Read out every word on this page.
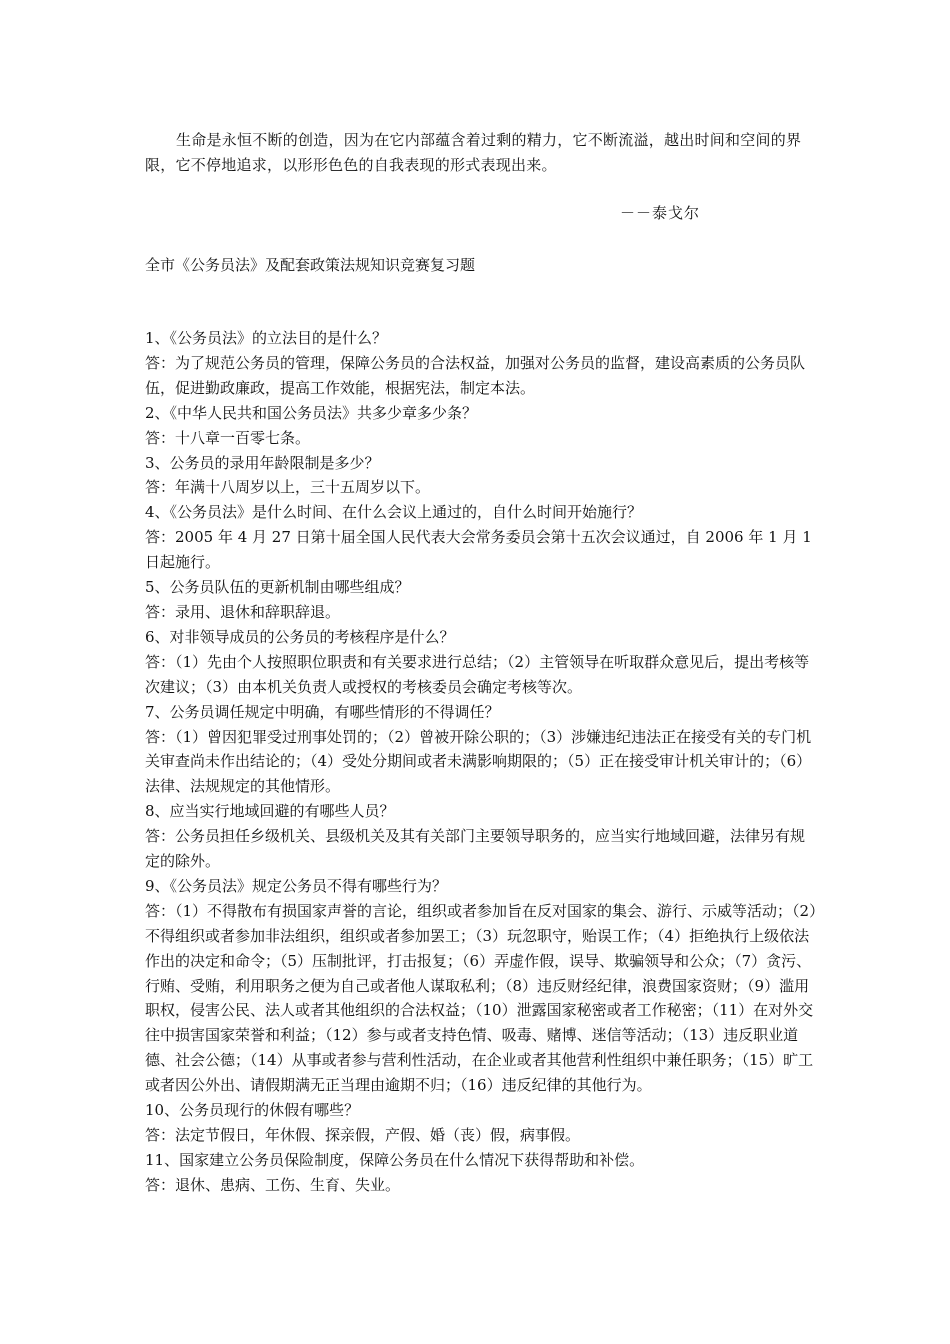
生命是永恒不断的创造，因为在它内部蕴含着过剩的精力，它不断流溢，越出时间和空间的界限，它不停地追求，以形形色色的自我表现的形式表现出来。
－－泰戈尔
全市《公务员法》及配套政策法规知识竞赛复习题

1、《公务员法》的立法目的是什么？

答：为了规范公务员的管理，保障公务员的合法权益，加强对公务员的监督，建设高素质的公务员队伍，促进勤政廉政，提高工作效能，根据宪法，制定本法。

2、《中华人民共和国公务员法》共多少章多少条？

答：十八章一百零七条。

3、公务员的录用年龄限制是多少？

答：年满十八周岁以上，三十五周岁以下。

4、《公务员法》是什么时间、在什么会议上通过的，自什么时间开始施行？

答：2005 年 4 月 27 日第十届全国人民代表大会常务委员会第十五次会议通过，自 2006 年 1 月 1 日起施行。

5、公务员队伍的更新机制由哪些组成？

答：录用、退休和辞职辞退。

6、对非领导成员的公务员的考核程序是什么？

答：（1）先由个人按照职位职责和有关要求进行总结；（2）主管领导在听取群众意见后，提出考核等次建议；（3）由本机关负责人或授权的考核委员会确定考核等次。

7、公务员调任规定中明确，有哪些情形的不得调任？

答：（1）曾因犯罪受过刑事处罚的；（2）曾被开除公职的；（3）涉嫌违纪违法正在接受有关的专门机关审查尚未作出结论的；（4）受处分期间或者未满影响期限的；（5）正在接受审计机关审计的；（6）法律、法规规定的其他情形。

8、应当实行地域回避的有哪些人员？

答：公务员担任乡级机关、县级机关及其有关部门主要领导职务的，应当实行地域回避，法律另有规定的除外。

9、《公务员法》规定公务员不得有哪些行为？

答：（1）不得散布有损国家声誉的言论，组织或者参加旨在反对国家的集会、游行、示威等活动；（2）不得组织或者参加非法组织，组织或者参加罢工；（3）玩忽职守，贻误工作；（4）拒绝执行上级依法作出的决定和命令；（5）压制批评，打击报复；（6）弄虚作假，误导、欺骗领导和公众；（7）贪污、行贿、受贿，利用职务之便为自己或者他人谋取私利；（8）违反财经纪律，浪费国家资财；（9）滥用职权，侵害公民、法人或者其他组织的合法权益；（10）泄露国家秘密或者工作秘密；（11）在对外交往中损害国家荣誉和利益；（12）参与或者支持色情、吸毒、赌博、迷信等活动；（13）违反职业道德、社会公德；（14）从事或者参与营利性活动，在企业或者其他营利性组织中兼任职务；（15）旷工或者因公外出、请假期满无正当理由逾期不归；（16）违反纪律的其他行为。

10、公务员现行的休假有哪些？

答：法定节假日，年休假、探亲假，产假、婚（丧）假，病事假。

11、国家建立公务员保险制度，保障公务员在什么情况下获得帮助和补偿。

答：退休、患病、工伤、生育、失业。
